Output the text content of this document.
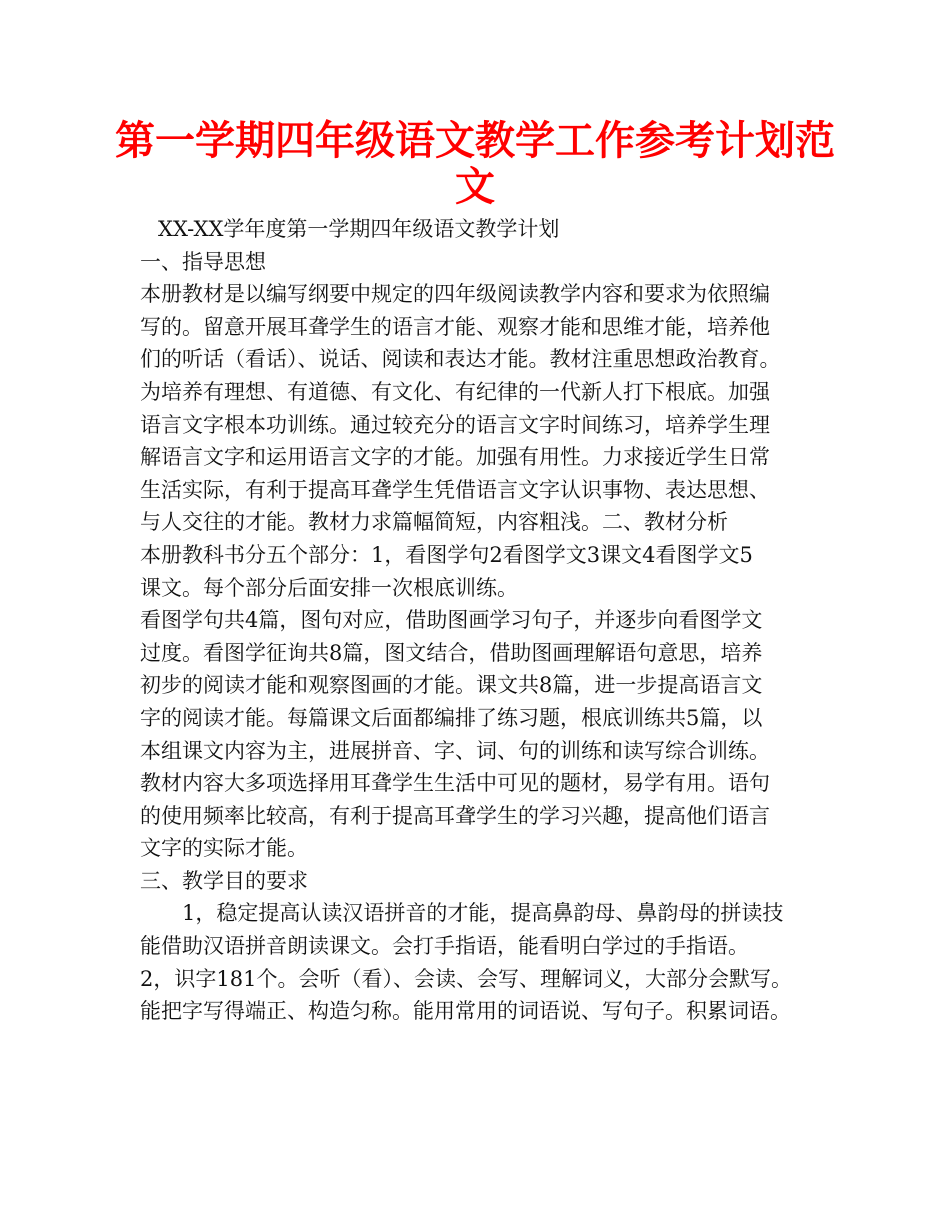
第一学期四年级语文教学工作参考计划范
文

XX-XX学年度第一学期四年级语文教学计划

一、指导思想

本册教材是以编写纲要中规定的四年级阅读教学内容和要求为依照编

写的。留意开展耳聋学生的语言才能、观察才能和思维才能，培养他

们的听话（看话）、说话、阅读和表达才能。教材注重思想政治教育。

为培养有理想、有道德、有文化、有纪律的一代新人打下根底。加强

语言文字根本功训练。通过较充分的语言文字时间练习，培养学生理

解语言文字和运用语言文字的才能。加强有用性。力求接近学生日常

生活实际，有利于提高耳聋学生凭借语言文字认识事物、表达思想、

与人交往的才能。教材力求篇幅简短，内容粗浅。二、教材分析

本册教科书分五个部分：1，看图学句2看图学文3课文4看图学文5

课文。每个部分后面安排一次根底训练。

看图学句共4篇，图句对应，借助图画学习句子，并逐步向看图学文

过度。看图学征询共8篇，图文结合，借助图画理解语句意思，培养

初步的阅读才能和观察图画的才能。课文共8篇，进一步提高语言文

字的阅读才能。每篇课文后面都编排了练习题，根底训练共5篇，以

本组课文内容为主，进展拼音、字、词、句的训练和读写综合训练。

教材内容大多项选择用耳聋学生生活中可见的题材，易学有用。语句

的使用频率比较高，有利于提高耳聋学生的学习兴趣，提高他们语言

文字的实际才能。

三、教学目的要求

1，稳定提高认读汉语拼音的才能，提高鼻韵母、鼻韵母的拼读技

能借助汉语拼音朗读课文。会打手指语，能看明白学过的手指语。

2，识字181个。会听（看）、会读、会写、理解词义，大部分会默写。

能把字写得端正、构造匀称。能用常用的词语说、写句子。积累词语。
